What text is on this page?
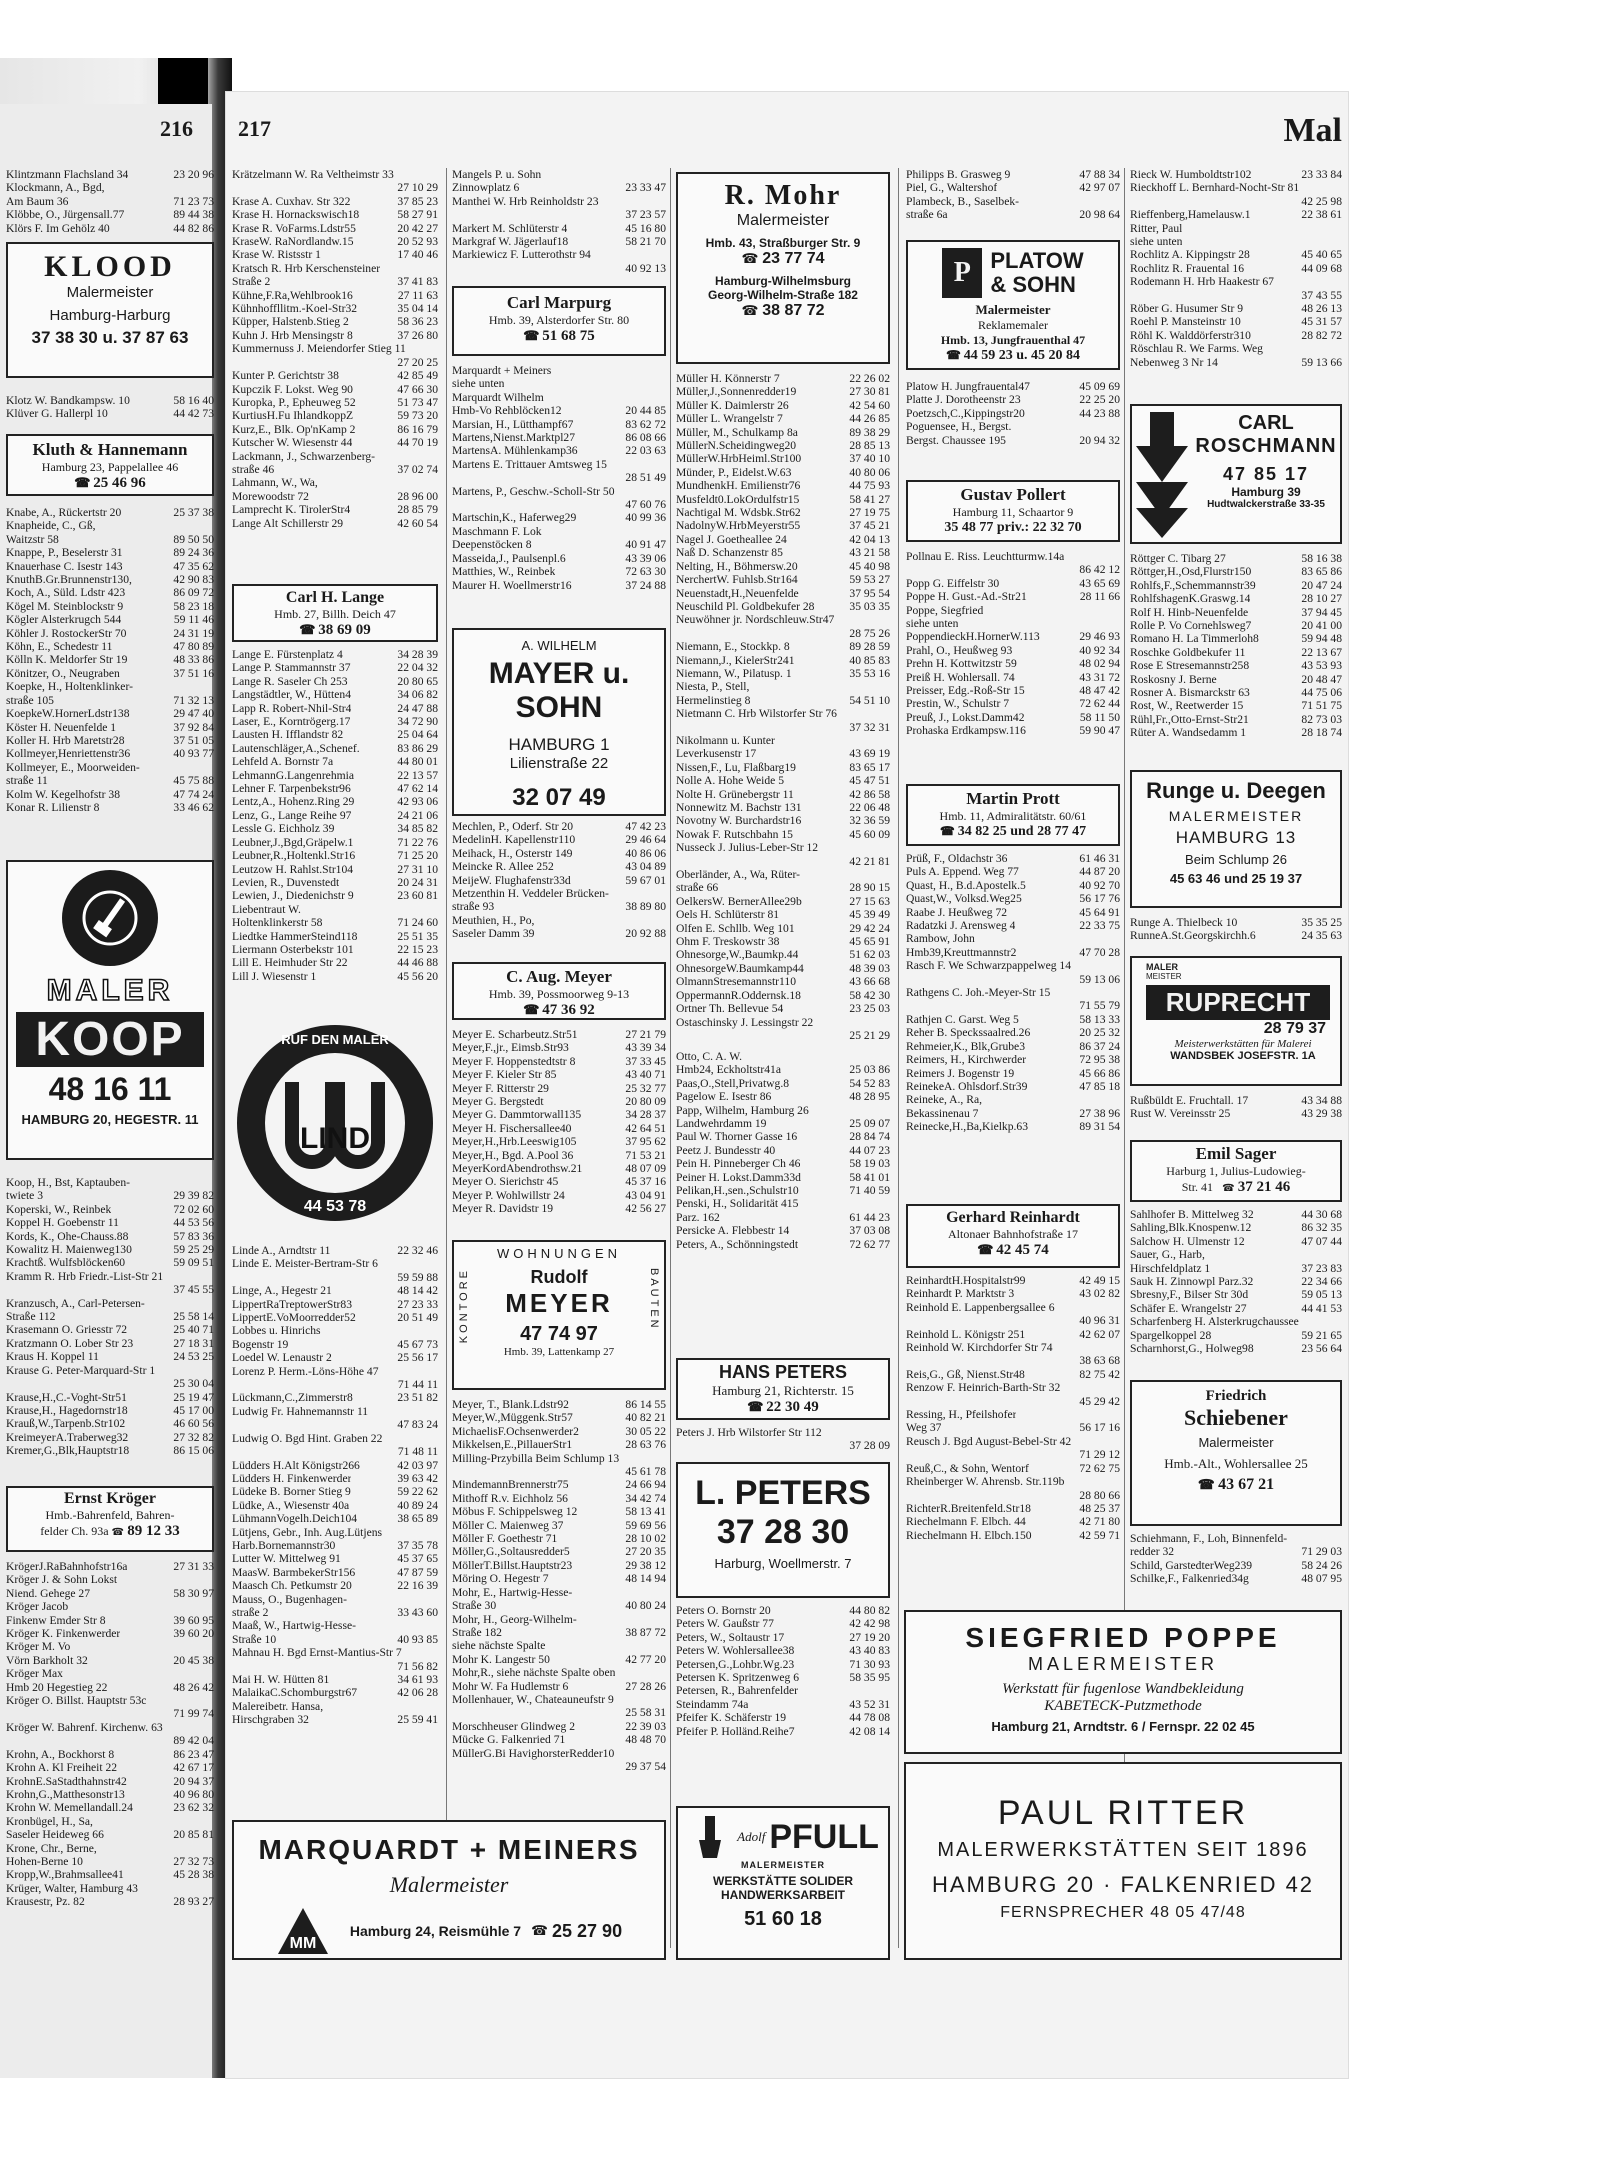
216 217	Mal
Klintzmann Flachsland 34	23 20 96
Klockmann, A., Bgd,
Am Baum 36	71 23 73
Klöbbe, O., Jürgensall.77	89 44 38
Klörs F. Im Gehölz 40	44 82 86
Klotz W. Bandkampsw. 10	58 16 40
Klüver G. Hallerpl 10	44 42 73
Knabe, A., Rückertstr 20	25 37 38
Knapheide, C., Gß,
Waitzstr 58	89 50 50
Knappe, P., Beselerstr 31	89 24 36
Knauerhase C. Isestr 143	47 35 62
KnuthB.Gr.Brunnenstr130,	42 90 83
Koch, A., Süld. Ldstr 423	86 09 72
Kögel M. Steinblockstr 9	58 23 18
Kögler Alsterkrugch 544	59 11 46
Köhler J. RostockerStr 70	24 31 19
Köhn, E., Schedestr 11	47 80 89
Kölln K. Meldorfer Str 19	48 33 86
Könitzer, O., Neugraben	37 51 16
Koepke, H., Holtenklinker-
straße 105	71 32 13
KoepkeW.HornerLdstr138	29 47 40
Köster H. Neuenfelde 1	37 92 84
Koller H. Hrb Maretstr28	37 51 05
Kollmeyer,Henriettenstr36	40 93 77
Kollmeyer, E., Moorweiden-
straße 11	45 75 88
Kolm W. Kegelhofstr 38	47 74 24
Konar R. Lilienstr 8	33 46 62
Koop, H., Bst, Kaptauben-
twiete 3	29 39 82
Koperski, W., Reinbek	72 02 60
Koppel H. Goebenstr 11	44 53 56
Kords, K., Ohe-Chauss.88	57 83 36
Kowalitz H. Maienweg130	59 25 29
Krachtß. Wulfsblöcken60	59 09 51
Kramm R. Hrb Friedr.-List-Str 21
37 45 55
Kranzusch, A., Carl-Petersen-
Straße 112	25 58 14
Krasemann O. Griesstr 72	25 40 71
Kratzmann O. Lober Str 23	27 18 31
Kraus H. Koppel 11	24 53 25
Krause G. Peter-Marquard-Str 1
25 30 04
Krause,H.,C.-Voght-Str51	25 19 47
Krause,H., Hagedornstr18	45 17 00
Krauß,W.,Tarpenb.Str102	46 60 56
KreimeyerA.Traberweg32	27 32 82
Kremer,G.,Blk,Hauptstr18	86 15 06
KrögerJ.RaBahnhofstr16a	27 31 33
Kröger J. & Sohn Lokst
Niend. Gehege 27	58 30 97
Kröger Jacob
Finkenw Emder Str 8	39 60 95
Kröger K. Finkenwerder	39 60 20
Kröger M. Vo
Vörn Barkholt 32	20 45 38
Kröger Max
Hmb 20 Hegestieg 22	48 26 42
Kröger O. Billst. Hauptstr 53c
71 99 74
Kröger W. Bahrenf. Kirchenw. 63
89 42 04
Krohn, A., Bockhorst 8	86 23 47
Krohn A. Kl Freiheit 22	42 67 17
KrohnE.SaStadthahnstr42	20 94 37
Krohn,G.,Matthesonstr13	40 96 80
Krohn W. Memellandall.24	23 62 32
Kronbügel, H., Sa,
Saseler Heideweg 66	20 85 81
Krone, Chr., Berne,
Hohen-Berne 10	27 32 73
Kropp,W.,Brahmsallee41	45 28 38
Krüger, Walter, Hamburg 43
Krausestr, Pz. 82	28 93 27
Krätzelmann W. Ra Veltheimstr 33
27 10 29
Krase A. Cuxhav. Str 322	37 85 23
Krase H. Hornackswisch18	58 27 91
Krase R. VoFarms.Ldstr55	20 42 27
KraseW. RaNordlandw.15	20 52 93
Krase W. Ristsstr 1	17 40 46
Kratsch R. Hrb Kerschensteiner
Straße 2	37 41 83
Kühne,F.Ra,Wehlbrook16	27 11 63
Kühnhoffllitm.-Koel-Str32	35 04 14
Küpper, Halstenb.Stieg 2	58 36 23
Kuhn J. Hrb Mensingstr 8	37 26 80
Kummernuss J. Meiendorfer Stieg 11
27 20 25
Kunter P. Gerichtstr 38	42 85 49
Kupczik F. Lokst. Weg 90	47 66 30
Kuropka, P., Epheuweg 52	51 73 47
KurtiusH.Fu IhlandkoppZ	59 73 20
Kurz,E., Blk. Op'nKamp 2	86 16 79
Kutscher W. Wiesenstr 44	44 70 19
Lackmann, J., Schwarzenberg-
straße 46	37 02 74
Lahmann, W., Wa,
Morewoodstr 72	28 96 00
Lamprecht K. TirolerStr4	28 85 79
Lange Alt Schillerstr 29	42 60 54
Lange E. Fürstenplatz 4	34 28 39
Lange P. Stammannstr 37	22 04 32
Lange R. Saseler Ch 253	20 80 65
Langstädtler, W., Hütten4	34 06 82
Lapp R. Robert-Nhil-Str4	24 47 88
Laser, E., Korntrögerg.17	34 72 90
Lausten H. Ifflandstr 82	25 04 64
Lautenschläger,A.,Schenef.	83 86 29
Lehfeld A. Bornstr 7a	44 80 01
LehmannG.Langenrehmia	22 13 57
Lehner F. Tarpenbekstr96	47 62 14
Lentz,A., Hohenz.Ring 29	42 93 06
Lenz, G., Lange Reihe 97	24 21 06
Lessle G. Eichholz 39	34 85 82
Leubner,J.,Bgd,Gräpelw.1	71 22 76
Leubner,R.,Holtenkl.Str16	71 25 20
Leutzow H. Rahlst.Str104	27 31 10
Levien, R., Duvenstedt	20 24 31
Lewien, J., Diedenichstr 9	23 60 81
Liebentraut W.
Holtenklinkerstr 58	71 24 60
Liedtke HammerSteind118	25 51 35
Liermann Osterbekstr 101	22 15 23
Lill E. Heimhuder Str 22	44 46 88
Lill J. Wiesenstr 1	45 56 20
Linde A., Arndtstr 11	22 32 46
Linde E. Meister-Bertram-Str 6
59 59 88
Linge, A., Hegestr 21	48 14 42
LippertRaTreptowerStr83	27 23 33
LippertE.VoMoorredder52	20 51 49
Lobbes u. Hinrichs
Bogenstr 19	45 67 73
Loedel W. Lenaustr 2	25 56 17
Lorenz P. Herm.-Löns-Höhe 47
71 44 11
Lückmann,C.,Zimmerstr8	23 51 82
Ludwig Fr. Hahnemannstr 11
47 83 24
Ludwig O. Bgd Hint. Graben 22
71 48 11
Lüdders H.Alt Königstr266	42 03 97
Lüdders H. Finkenwerder	39 63 42
Lüdeke B. Borner Stieg 9	59 22 62
Lüdke, A., Wiesenstr 40a	40 89 24
LühmannVogelh.Deich104	38 65 89
Lütjens, Gebr., Inh. Aug.Lütjens
Harb.Bornemannstr30	37 35 78
Lutter W. Mittelweg 91	45 37 65
MaasW. BarmbekerStr156	47 87 59
Maasch Ch. Petkumstr 20	22 16 39
Mauss, O., Bugenhagen-
straße 2	33 43 60
Maaß, W., Hartwig-Hesse-
Straße 10	40 93 85
Mahnau H. Bgd Ernst-Mantius-Str 7
71 56 82
Mai H. W. Hütten 81	34 61 93
MalaikaC.Schomburgstr67	42 06 28
Malereibetr. Hansa,
Hirschgraben 32	25 59 41
Mangels P. u. Sohn
Zinnowplatz 6	23 33 47
Manthei W. Hrb Reinholdstr 23
37 23 57
Markert M. Schlüterstr 4	45 16 80
Markgraf W. Jägerlauf18	58 21 70
Markiewicz F. Lutterothstr 94
40 92 13
Marquardt + Meiners
siehe unten
Marquardt Wilhelm
Hmb-Vo Rehblöcken12	20 44 85
Marsian, H., Lütthampf67	83 62 72
Martens,Nienst.Marktpl27	86 08 66
MartensA. Mühlenkamp36	22 03 63
Martens E. Trittauer Amtsweg 15
28 51 49
Martens, P., Geschw.-Scholl-Str 50
47 60 76
Martschin,K., Haferweg29	40 99 36
Maschmann F. Lok
Deepenstöcken 8	40 91 47
Masseida,J., Paulsenpl.6	43 39 06
Matthies, W., Reinbek	72 63 30
Maurer H. Woellmerstr16	37 24 88
Mechlen, P., Oderf. Str 20	47 42 23
MedelinH. Kapellenstr110	29 46 64
Meihack, H., Osterstr 149	40 86 06
Meincke R. Allee 252	43 04 89
MeijeW. Flughafenstr33d	59 67 01
Metzenthin H. Veddeler Brücken-
straße 93	38 89 80
Meuthien, H., Po,
Saseler Damm 39	20 92 88
Meyer E. Scharbeutz.Str51	27 21 79
Meyer,F.,jr., Eimsb.Str93	43 39 34
Meyer F. Hoppenstedtstr 8	37 33 45
Meyer F. Kieler Str 85	43 40 71
Meyer F. Ritterstr 29	25 32 77
Meyer G. Bergstedt	20 80 09
Meyer G. Dammtorwall135	34 28 37
Meyer H. Fischersallee40	42 64 51
Meyer,H.,Hrb.Leeswig105	37 95 62
Meyer,H., Bgd. A.Pool 36	71 53 21
MeyerKordAbendrothsw.21	48 07 09
Meyer O. Sierichstr 45	45 37 16
Meyer P. Wohlwillstr 24	43 04 91
Meyer R. Davidstr 19	42 56 27
Meyer, T., Blank.Ldstr92	86 14 55
Meyer,W.,Müggenk.Str57	40 82 21
MichaelisF.Ochsenwerder2	30 05 22
Mikkelsen,E.,PillauerStr1	28 63 76
Milling-Przybilla Beim Schlump 13
45 61 78
MindemannBrennerstr75	24 66 94
Mithoff R.v. Eichholz 56	34 42 74
Möbus F. Schippelsweg 12	58 13 41
Möller C. Maienweg 37	59 69 56
Möller F. Goethestr 71	28 10 02
Möller,G.,Soltausredder5	27 20 35
MöllerT.Billst.Hauptstr23	29 38 12
Möring O. Hegestr 7	48 14 94
Mohr, E., Hartwig-Hesse-
Straße 30	40 80 24
Mohr, H., Georg-Wilhelm-
Straße 182	38 87 72
siehe nächste Spalte
Mohr K. Langestr 50	42 77 20
Mohr,R., siehe nächste Spalte oben
Mohr W. Fa Hudlemstr 6	27 28 26
Mollenhauer, W., Chateauneufstr 9
25 58 31
Morschheuser Glindweg 2	22 39 03
Mücke G. Falkenried 71	48 48 70
MüllerG.Bi HavighorsterRedder10
29 37 54
Müller H. Könnerstr 7	22 26 02
Müller,J.,Sonnenredder19	27 30 81
Müller K. Daimlerstr 26	42 54 60
Müller L. Wrangelstr 7	44 26 85
Müller, M., Schulkamp 8a	89 38 29
MüllerN.Scheidingweg20	28 85 13
MüllerW.HrbHeiml.Str100	37 40 10
Münder, P., Eidelst.W.63	40 80 06
MundhenkH. Emilienstr76	44 75 93
Musfeldt0.LokOrdulfstr15	58 41 27
Nachtigal M. Wdsbk.Str62	27 19 75
NadolnyW.HrbMeyerstr55	37 45 21
Nagel J. Goetheallee 24	42 04 13
Naß D. Schanzenstr 85	43 21 58
Nelting, H., Böhmersw.20	45 40 98
NerchertW. Fuhlsb.Str164	59 53 27
Neuenstadt,H.,Neuenfelde	37 95 54
Neuschild Pl. Goldbekufer 28	35 03 35
Neuwöhner jr. Nordschleuw.Str47
28 75 26
Niemann, E., Stockkp. 8	89 28 59
Niemann,J., KielerStr241	40 85 83
Niemann, W., Pilatusp. 1	35 53 16
Niesta, P., Stell,
Hermelinstieg 8	54 51 10
Nietmann C. Hrb Wilstorfer Str 76
37 32 31
Nikolmann u. Kunter
Leverkusenstr 17	43 69 19
Nissen,F., Lu, Flaßbarg19	83 65 17
Nolle A. Hohe Weide 5	45 47 51
Nolte H. Grünebergstr 11	42 86 58
Nonnewitz M. Bachstr 131	22 06 48
Novotny W. Burchardstr16	32 36 59
Nowak F. Rutschbahn 15	45 60 09
Nusseck J. Julius-Leber-Str 12
42 21 81
Oberländer, A., Wa, Rüter-
straße 66	28 90 15
OelkersW. BernerAllee29b	27 15 63
Oels H. Schlüterstr 81	45 39 49
Olfen E. Schllb. Weg 101	29 42 24
Ohm F. Treskowstr 38	45 65 91
Ohnesorge,W.,Baumkp.44	51 62 03
OhnesorgeW.Baumkamp44	48 39 03
OlmannStresemannstr110	43 66 68
OppermannR.Oddernsk.18	58 42 30
Ortner Th. Bellevue 54	23 25 03
Ostaschinsky J. Lessingstr 22
25 21 29
Otto, C. A. W.
Hmb24, Eckholtstr41a	25 03 86
Paas,O.,Stell,Privatwg.8	54 52 83
Pagelow E. Isestr 86	48 28 95
Papp, Wilhelm, Hamburg 26
Landwehrdamm 19	25 09 07
Paul W. Thorner Gasse 16	28 84 74
Peetz J. Bundesstr 40	44 07 23
Pein H. Pinneberger Ch 46	58 19 03
Peiner H. Lokst.Damm33d	58 41 01
Pelikan,H.,sen.,Schulstr10	71 40 59
Penski, H., Solidarität 415
Parz. 162	61 44 23
Persicke A. Flebbestr 14	37 03 08
Peters, A., Schönningstedt	72 62 77
Peters J. Hrb Wilstorfer Str 112
37 28 09
Peters O. Bornstr 20	44 80 82
Peters W. Gaußstr 77	42 42 98
Peters, W., Soltaustr 17	27 19 20
Peters W. Wohlersallee38	43 40 83
Petersen,G.,Lohbr.Wg.23	71 30 93
Petersen K. Spritzenweg 6	58 35 95
Petersen, R., Bahrenfelder
Steindamm 74a	43 52 31
Pfeifer K. Schäferstr 19	44 78 08
Pfeifer P. Holländ.Reihe7	42 08 14
Philipps B. Grasweg 9	47 88 34
Piel, G., Waltershof	42 97 07
Plambeck, B., Saselbek-
straße 6a	20 98 64
Platow H. Jungfrauental47	45 09 69
Platte J. Dorotheenstr 23	22 25 20
Poetzsch,C.,Kippingstr20	44 23 88
Poguensee, H., Bergst.
Bergst. Chaussee 195	20 94 32
Pollnau E. Riss. Leuchtturmw.14a
86 42 12
Popp G. Eiffelstr 30	43 65 69
Poppe H. Gust.-Ad.-Str21	28 11 66
Poppe, Siegfried
siehe unten
PoppendieckH.HornerW.113	29 46 93
Prahl, O., Heußweg 93	40 92 34
Prehn H. Kottwitzstr 59	48 02 94
Preiß H. Wohlersall. 74	43 31 72
Preisser, Edg.-Roß-Str 15	48 47 42
Prestin, W., Schulstr 7	72 62 44
Preuß, J., Lokst.Damm42	58 11 50
Prohaska Erdkampsw.116	59 90 47
Prüß, F., Oldachstr 36	61 46 31
Puls A. Eppend. Weg 77	44 87 20
Quast, H., B.d.Apostelk.5	40 92 70
Quast,W., Volksd.Weg25	56 17 76
Raabe J. Heußweg 72	45 64 91
Radatzki J. Arensweg 4	22 33 75
Rambow, John
Hmb39,Kreuttmannstr2	47 70 28
Rasch F. We Schwarzpappelweg 14
59 13 06
Rathgens C. Joh.-Meyer-Str 15
71 55 79
Rathjen C. Garst. Weg 5	58 13 33
Reher B. Speckssaalred.26	20 25 32
Rehmeier,K., Blk,Grube3	86 37 24
Reimers, H., Kirchwerder	72 95 38
Reimers J. Bogenstr 19	45 66 86
ReinekeA. Ohlsdorf.Str39	47 85 18
Reineke, A., Ra,
Bekassinenau 7	27 38 96
Reinecke,H.,Ba,Kielkp.63	89 31 54
ReinhardtH.Hospitalstr99	42 49 15
Reinhardt P. Marktstr 3	43 02 82
Reinhold E. Lappenbergsallee 6
40 96 31
Reinhold L. Königstr 251	42 62 07
Reinhold W. Kirchdorfer Str 74
38 63 68
Reis,G., Gß, Nienst.Str48	82 75 42
Renzow F. Heinrich-Barth-Str 32
45 29 42
Ressing, H., Pfeilshofer
Weg 37	56 17 16
Reusch J. Bgd August-Bebel-Str 42
71 29 12
Reuß,C., & Sohn, Wentorf	72 62 75
Rheinberger W. Ahrensb. Str.119b
28 80 66
RichterR.Breitenfeld.Str18	48 25 37
Riechelmann F. Elbch. 44	42 71 80
Riechelmann H. Elbch.150	42 59 71
Rieck W. Humboldtstr102	23 33 84
Rieckhoff L. Bernhard-Nocht-Str 81
42 25 98
Rieffenberg,Hamelausw.1	22 38 61
Ritter, Paul
siehe unten
Rochlitz A. Kippingstr 28	45 40 65
Rochlitz R. Frauental 16	44 09 68
Rodemann H. Hrb Haakestr 67
37 43 55
Röber G. Husumer Str 9	48 26 13
Roehl P. Mansteinstr 10	45 31 57
Röhl K. Walddörferstr310	28 82 72
Röschlau R. We Farms. Weg
Nebenweg 3 Nr 14	59 13 66
Röttger C. Tibarg 27	58 16 38
Röttger,H.,Osd,Flurstr150	83 65 86
Rohlfs,F.,Schemmannstr39	20 47 24
RohlfshagenK.Graswg.14	28 10 27
Rolf H. Hinb-Neuenfelde	37 94 45
Rolle P. Vo Cornehlsweg7	20 41 00
Romano H. La Timmerloh8	59 94 48
Roschke Goldbekufer 11	22 13 67
Rose E Stresemannstr258	43 53 93
Roskosny J. Berne	20 48 47
Rosner A. Bismarckstr 63	44 75 06
Rost, W., Reetwerder 15	71 51 75
Rühl,Fr.,Otto-Ernst-Str21	82 73 03
Rüter A. Wandsedamm 1	28 18 74
Runge A. Thielbeck 10	35 35 25
RunneA.St.Georgskirchh.6	24 35 63
Rußbüldt E. Fruchtall. 17	43 34 88
Rust W. Vereinsstr 25	43 29 38
Sahlhofer B. Mittelweg 32	44 30 68
Sahling,Blk.Knospenw.12	86 32 35
Salchow H. Ulmenstr 12	47 07 44
Sauer, G., Harb,
Hirschfeldplatz 1	37 23 83
Sauk H. Zinnowpl Parz.32	22 34 66
Sbresny,F., Bilser Str 30d	59 05 13
Schäfer E. Wrangelstr 27	44 41 53
Scharfenberg H. Alsterkrugchaussee
Spargelkoppel 28	59 21 65
Scharnhorst,G., Holweg98	23 56 64
Schiehmann, F., Loh, Binnenfeld-
redder 32	71 29 03
Schild, GarstedterWeg239	58 24 26
Schilke,F., Falkenried34g	48 07 95
KLOOD
Malermeister
Hamburg-Harburg
37 38 30 u. 37 87 63
Kluth & Hannemann
Hamburg 23, Pappelallee 46
☎ 25 46 96
MALER
KOOP
48 16 11
HAMBURG 20, HEGESTR. 11
RUF DEN MALER
LIND
44 53 78
Ernst Kröger
Hmb.-Bahrenfeld, Bahren-
felder Ch. 93a ☎ 89 12 33
Carl H. Lange
Hmb. 27, Billh. Deich 47
☎ 38 69 09
Carl Marpurg
Hmb. 39, Alsterdorfer Str. 80
☎ 51 68 75
A. WILHELM
MAYER u. SOHN
HAMBURG 1
Lilienstraße 22
32 07 49
C. Aug. Meyer
Hmb. 39, Possmoorweg 9-13
☎ 47 36 92
WOHNUNGEN
KONTORE	BAUTEN
Rudolf
MEYER
47 74 97
Hmb. 39, Lattenkamp 27
MARQUARDT + MEINERS
Malermeister
MM
Hamburg 24, Reismühle 7 ☎ 25 27 90
R. Mohr
Malermeister
Hmb. 43, Straßburger Str. 9
☎ 23 77 74
Hamburg-Wilhelmsburg
Georg-Wilhelm-Straße 182
☎ 38 87 72
HANS PETERS
Hamburg 21, Richterstr. 15
☎ 22 30 49
L. PETERS
37 28 30
Harburg, Woellmerstr. 7
Adolf PFULL
MALERMEISTER
WERKSTÄTTE SOLIDER
HANDWERKSARBEIT
51 60 18
P PLATOW
& SOHN
Malermeister
Reklamemaler
Hmb. 13, Jungfrauenthal 47
☎ 44 59 23 u. 45 20 84
Gustav Pollert
Hamburg 11, Schaartor 9
35 48 77 priv.: 22 32 70
Martin Prott
Hmb. 11, Admiralitätstr. 60/61
☎ 34 82 25 und 28 77 47
Gerhard Reinhardt
Altonaer Bahnhofstraße 17
☎ 42 45 74
CARL
ROSCHMANN
47 85 17
Hamburg 39
Hudtwalckerstraße 33-35
Runge u. Deegen
MALERMEISTER
HAMBURG 13
Beim Schlump 26
45 63 46 und 25 19 37
MALER
MEISTER
RUPRECHT
28 79 37
Meisterwerkstätten für Malerei
WANDSBEK JOSEFSTR. 1A
Emil Sager
Harburg 1, Julius-Ludowieg-
Str. 41 ☎ 37 21 46
Friedrich
Schiebener
Malermeister
Hmb.-Alt., Wohlersallee 25
☎ 43 67 21
SIEGFRIED POPPE
MALERMEISTER
Werkstatt für fugenlose Wandbekleidung
KABETECK-Putzmethode
Hamburg 21, Arndtstr. 6 / Fernspr. 22 02 45
PAUL RITTER
MALERWERKSTÄTTEN SEIT 1896
HAMBURG 20 · FALKENRIED 42
FERNSPRECHER 48 05 47/48
